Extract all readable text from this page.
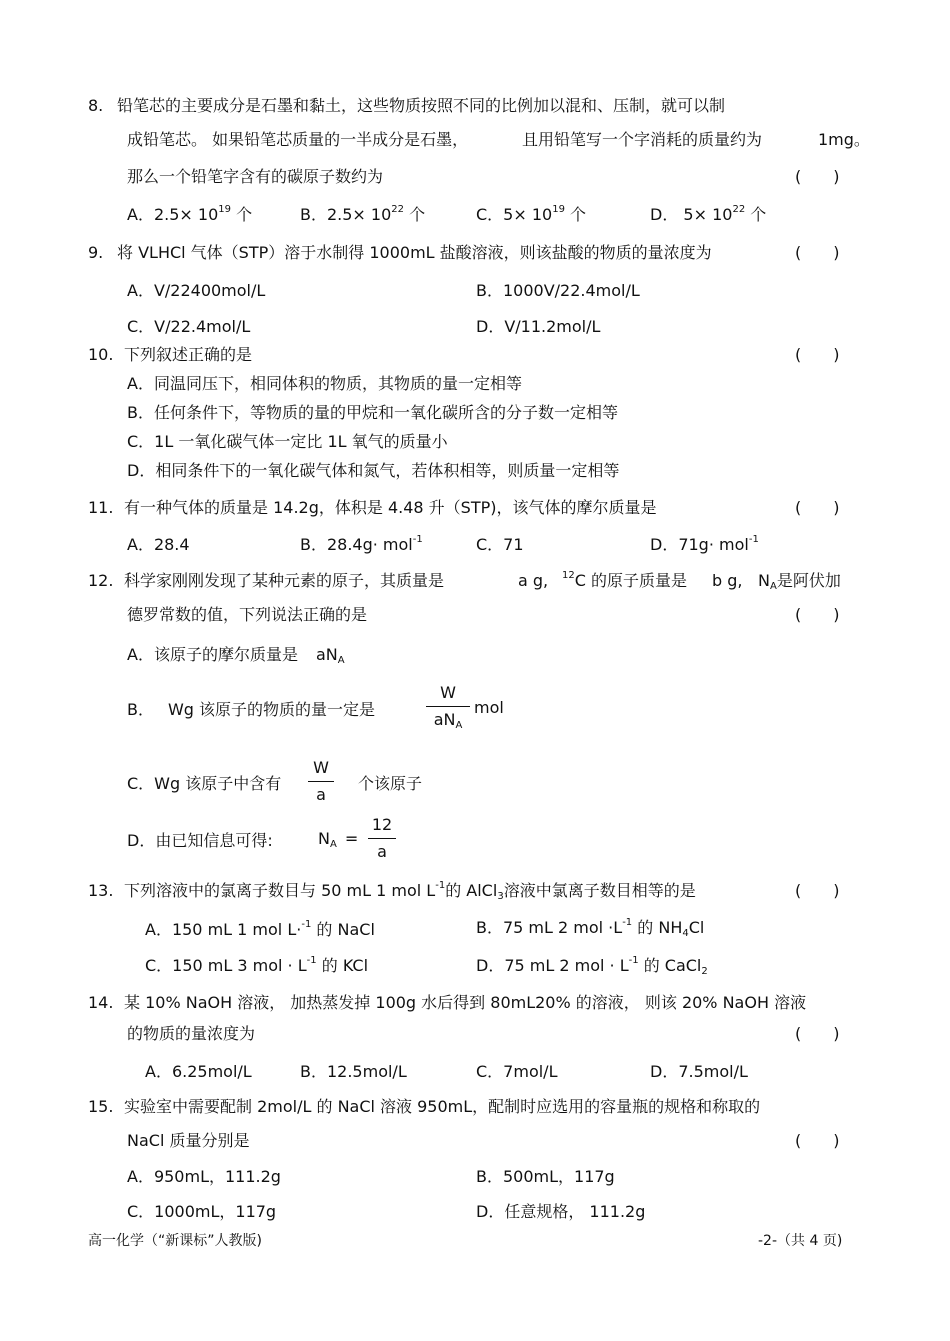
8. 铅笔芯的主要成分是石墨和黏土，这些物质按照不同的比例加以混和、压制，就可以制
成铅笔芯。 如果铅笔芯质量的一半成分是石墨，	且用铅笔写一个字消耗的质量约为	1mg。
那么一个铅笔字含有的碳原子数约为	(　　)
A．$2.5\times 10^{19}$ 个	B．$2.5\times 10^{22}$ 个	C．$5\times 10^{19}$ 个	D． $5\times 10^{22}$ 个
9. 将 VLHCl 气体（STP）溶于水制得 1000mL 盐酸溶液，则该盐酸的物质的量浓度为	(　　)
A．V/22400mol/L	B．1000V/22.4mol/L
C．V/22.4mol/L	D．V/11.2mol/L
10. 下列叙述正确的是	(　　)
A．同温同压下，相同体积的物质，其物质的量一定相等
B．任何条件下，等物质的量的甲烷和一氧化碳所含的分子数一定相等
C．1L 一氧化碳气体一定比 1L 氧气的质量小
D．相同条件下的一氧化碳气体和氮气，若体积相等，则质量一定相等
11. 有一种气体的质量是 14.2g，体积是 4.48 升（STP)，该气体的摩尔质量是	(　　)
A．28.4	B．28.4g· mol$^{-1}$	C．71	D．71g· mol$^{-1}$
12. 科学家刚刚发现了某种元素的原子，其质量是	a g, $^{12}$C 的原子质量是 b g, $N_A$是阿伏加
德罗常数的值，下列说法正确的是	(　　)
A．该原子的摩尔质量是 $aN_A$
B． Wg 该原子的物质的量一定是
W
$aN_A$
mol
C．Wg 该原子中含有
W
a
个该原子
D．由已知信息可得:	$N_A$ =
12
a
13. 下列溶液中的氯离子数目与 50 mL 1 mol $L^{-1}$的 AlCl$_3$溶液中氯离子数目相等的是	(　　)
A．150 mL 1 mol L·$^{-1}$ 的 NaCl	B．75 mL 2 mol $\cdot L^{-1}$ 的 $NH_4Cl$
C．150 mL 3 mol · $L^{-1}$ 的 KCl	D．75 mL 2 mol · $L^{-1}$ 的 CaCl$_2$
14. 某 10% NaOH 溶液， 加热蒸发掉 100g 水后得到 80mL20% 的溶液， 则该 20% NaOH 溶液
的物质的量浓度为	(　　)
A．6.25mol/L	B．12.5mol/L	C．7mol/L	D．7.5mol/L
15. 实验室中需要配制 2mol/L 的 NaCl 溶液 950mL，配制时应选用的容量瓶的规格和称取的
NaCl 质量分别是	(　　)
A．950mL，111.2g	B．500mL，117g
C．1000mL，117g	D．任意规格， 111.2g
高一化学（“新课标”人教版)	-2-（共 4 页)
